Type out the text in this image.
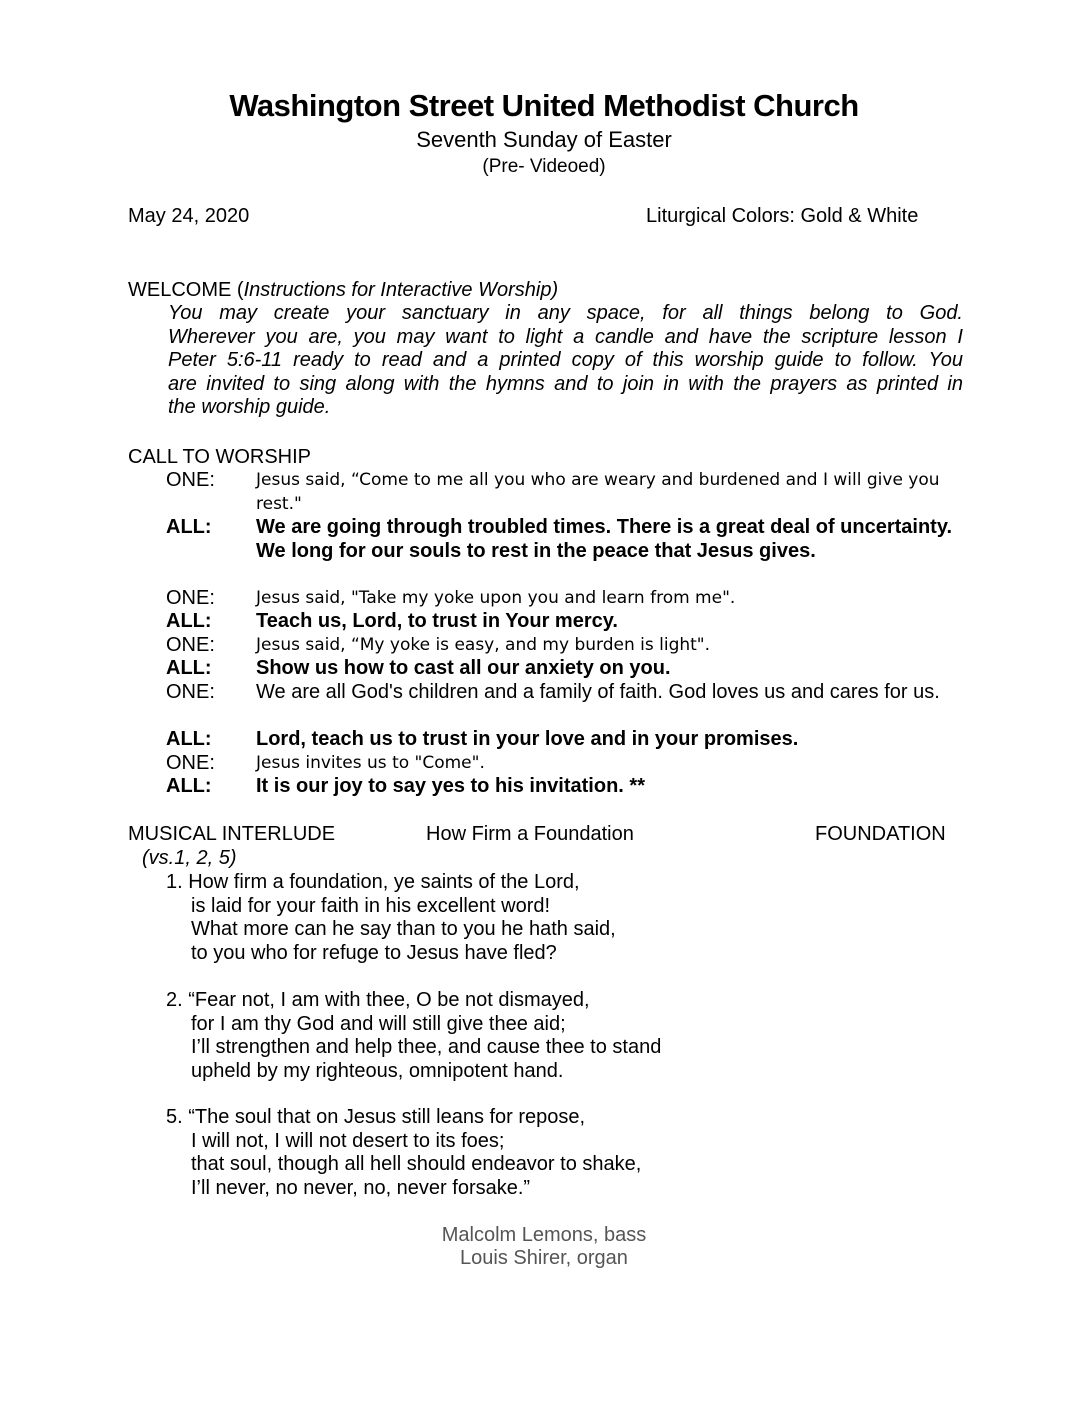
Washington Street United Methodist Church
Seventh Sunday of Easter
(Pre- Videoed)
May 24, 2020	Liturgical Colors: Gold & White
WELCOME (Instructions for Interactive Worship)
You may create your sanctuary in any space, for all things belong to God.
Wherever you are, you may want to light a candle and have the scripture lesson I
Peter 5:6-11 ready to read and a printed copy of this worship guide to follow. You
are invited to sing along with the hymns and to join in with the prayers as printed in
the worship guide.
CALL TO WORSHIP
ONE:	Jesus said, “Come to me all you who are weary and burdened and I will give you rest."
ALL:	We are going through troubled times. There is a great deal of uncertainty. We long for our souls to rest in the peace that Jesus gives.
ONE:	Jesus said, "Take my yoke upon you and learn from me".
ALL:	Teach us, Lord, to trust in Your mercy.
ONE:	Jesus said, “My yoke is easy, and my burden is light".
ALL:	Show us how to cast all our anxiety on you.
ONE:	We are all God's children and a family of faith. God loves us and cares for us.
ALL:	Lord, teach us to trust in your love and in your promises.
ONE:	Jesus invites us to "Come".
ALL:	It is our joy to say yes to his invitation. **
MUSICAL INTERLUDE	How Firm a Foundation	FOUNDATION
(vs.1, 2, 5)
1. How firm a foundation, ye saints of the Lord,
is laid for your faith in his excellent word!
What more can he say than to you he hath said,
to you who for refuge to Jesus have fled?
2. “Fear not, I am with thee, O be not dismayed,
for I am thy God and will still give thee aid;
I’ll strengthen and help thee, and cause thee to stand
upheld by my righteous, omnipotent hand.
5. “The soul that on Jesus still leans for repose,
I will not, I will not desert to its foes;
that soul, though all hell should endeavor to shake,
I’ll never, no never, no, never forsake.”
Malcolm Lemons, bass
Louis Shirer, organ
